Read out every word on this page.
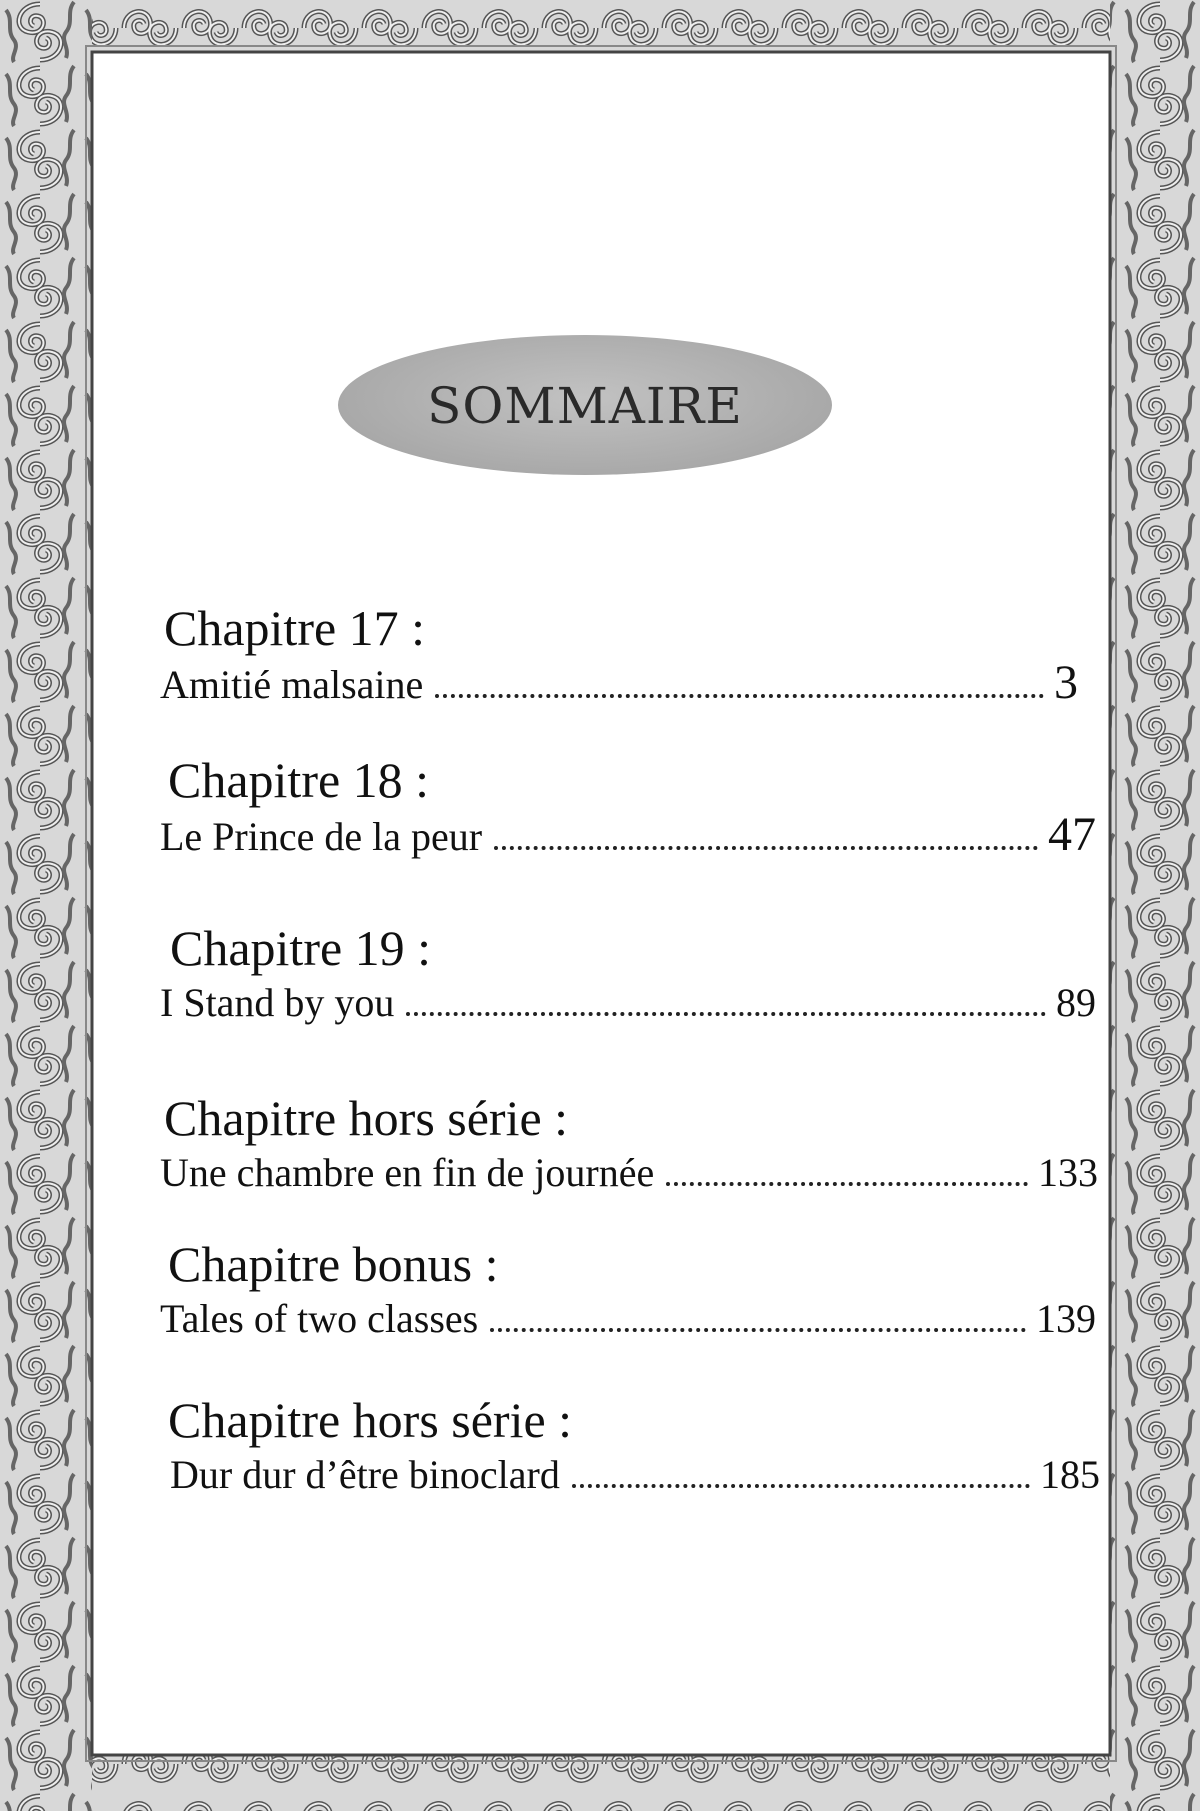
SOMMAIRE
Chapitre 17 :
Amitié malsaine	3
Chapitre 18 :
Le Prince de la peur	47
Chapitre 19 :
I Stand by you	89
Chapitre hors série :
Une chambre en fin de journée	133
Chapitre bonus :
Tales of two classes	139
Chapitre hors série :
Dur dur d’être binoclard	185
